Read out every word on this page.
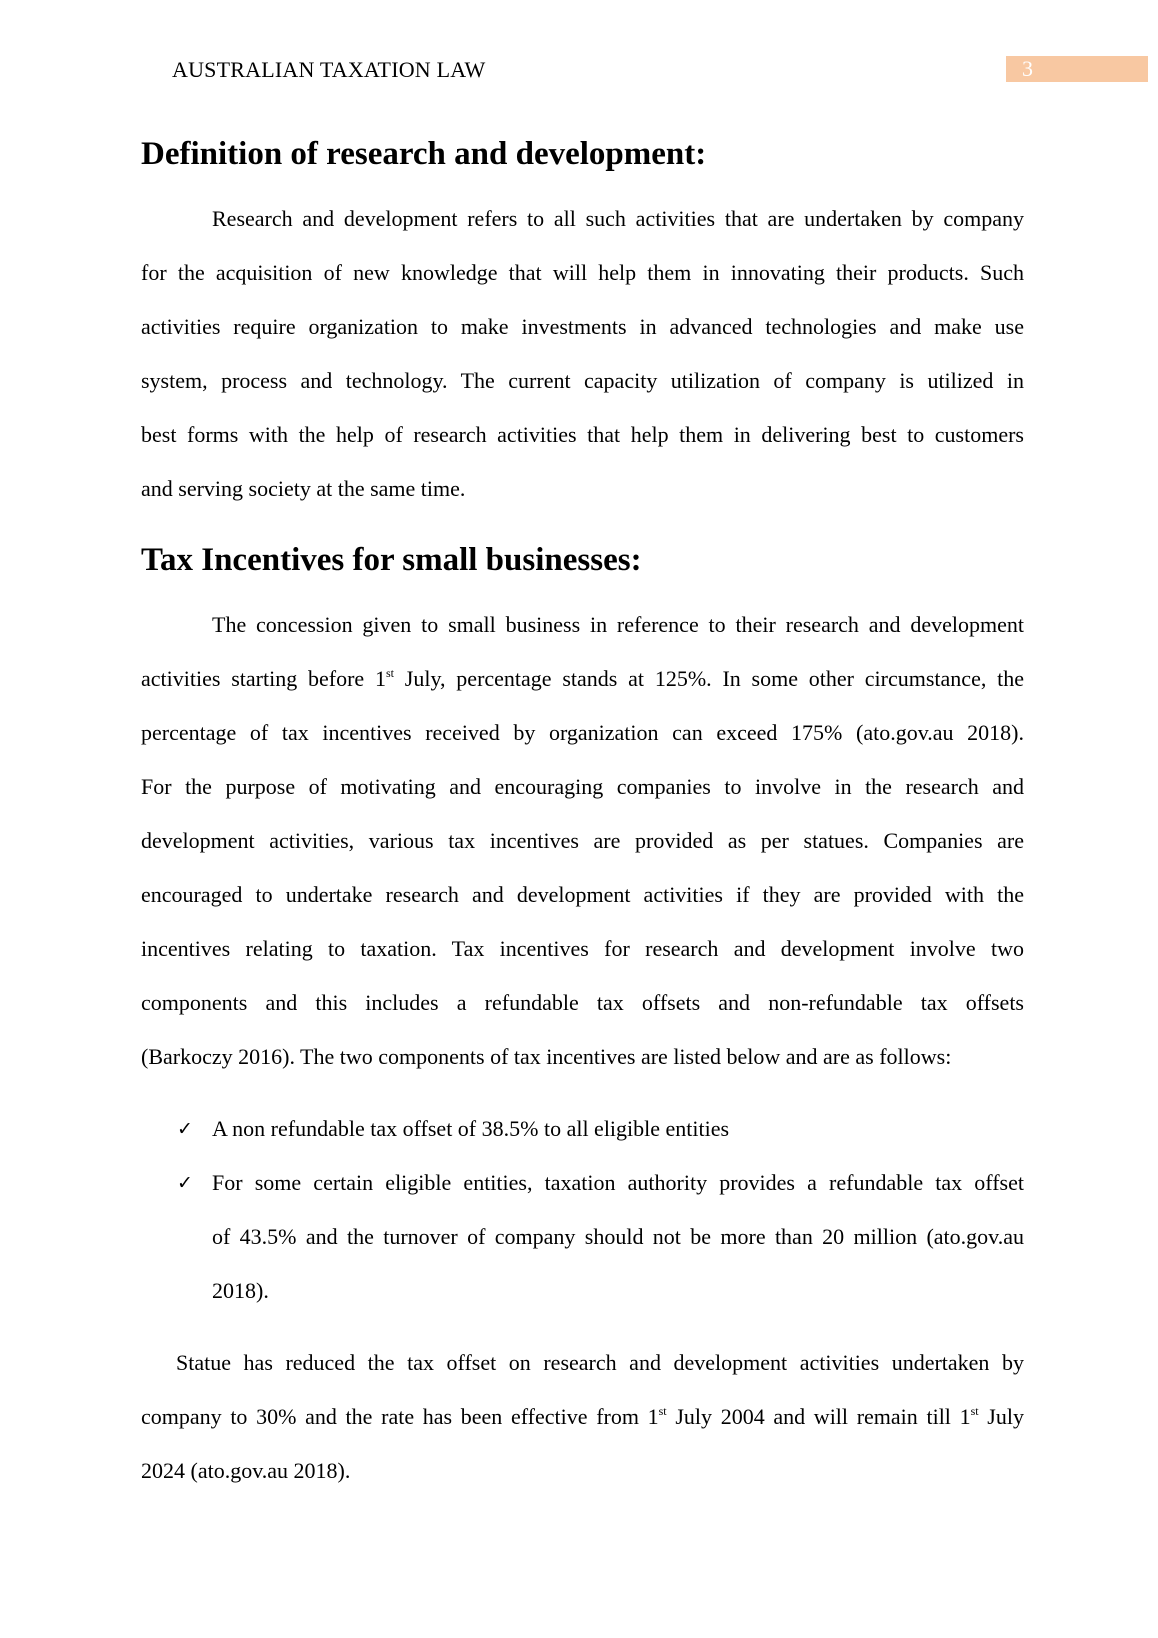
AUSTRALIAN TAXATION LAW	3
Definition of research and development:
Research and development refers to all such activities that are undertaken by company
for the acquisition of new knowledge that will help them in innovating their products. Such
activities require organization to make investments in advanced technologies and make use
system, process and technology. The current capacity utilization of company is utilized in
best forms with the help of research activities that help them in delivering best to customers
and serving society at the same time.
Tax Incentives for small businesses:
The concession given to small business in reference to their research and development
activities starting before 1st July, percentage stands at 125%. In some other circumstance, the
percentage of tax incentives received by organization can exceed 175% (ato.gov.au 2018).
For the purpose of motivating and encouraging companies to involve in the research and
development activities, various tax incentives are provided as per statues. Companies are
encouraged to undertake research and development activities if they are provided with the
incentives relating to taxation. Tax incentives for research and development involve two
components and this includes a refundable tax offsets and non-refundable tax offsets
(Barkoczy 2016). The two components of tax incentives are listed below and are as follows:
✓ A non refundable tax offset of 38.5% to all eligible entities
✓ For some certain eligible entities, taxation authority provides a refundable tax offset
of 43.5% and the turnover of company should not be more than 20 million (ato.gov.au
2018).
Statue has reduced the tax offset on research and development activities undertaken by
company to 30% and the rate has been effective from 1st July 2004 and will remain till 1st July
2024 (ato.gov.au 2018).
